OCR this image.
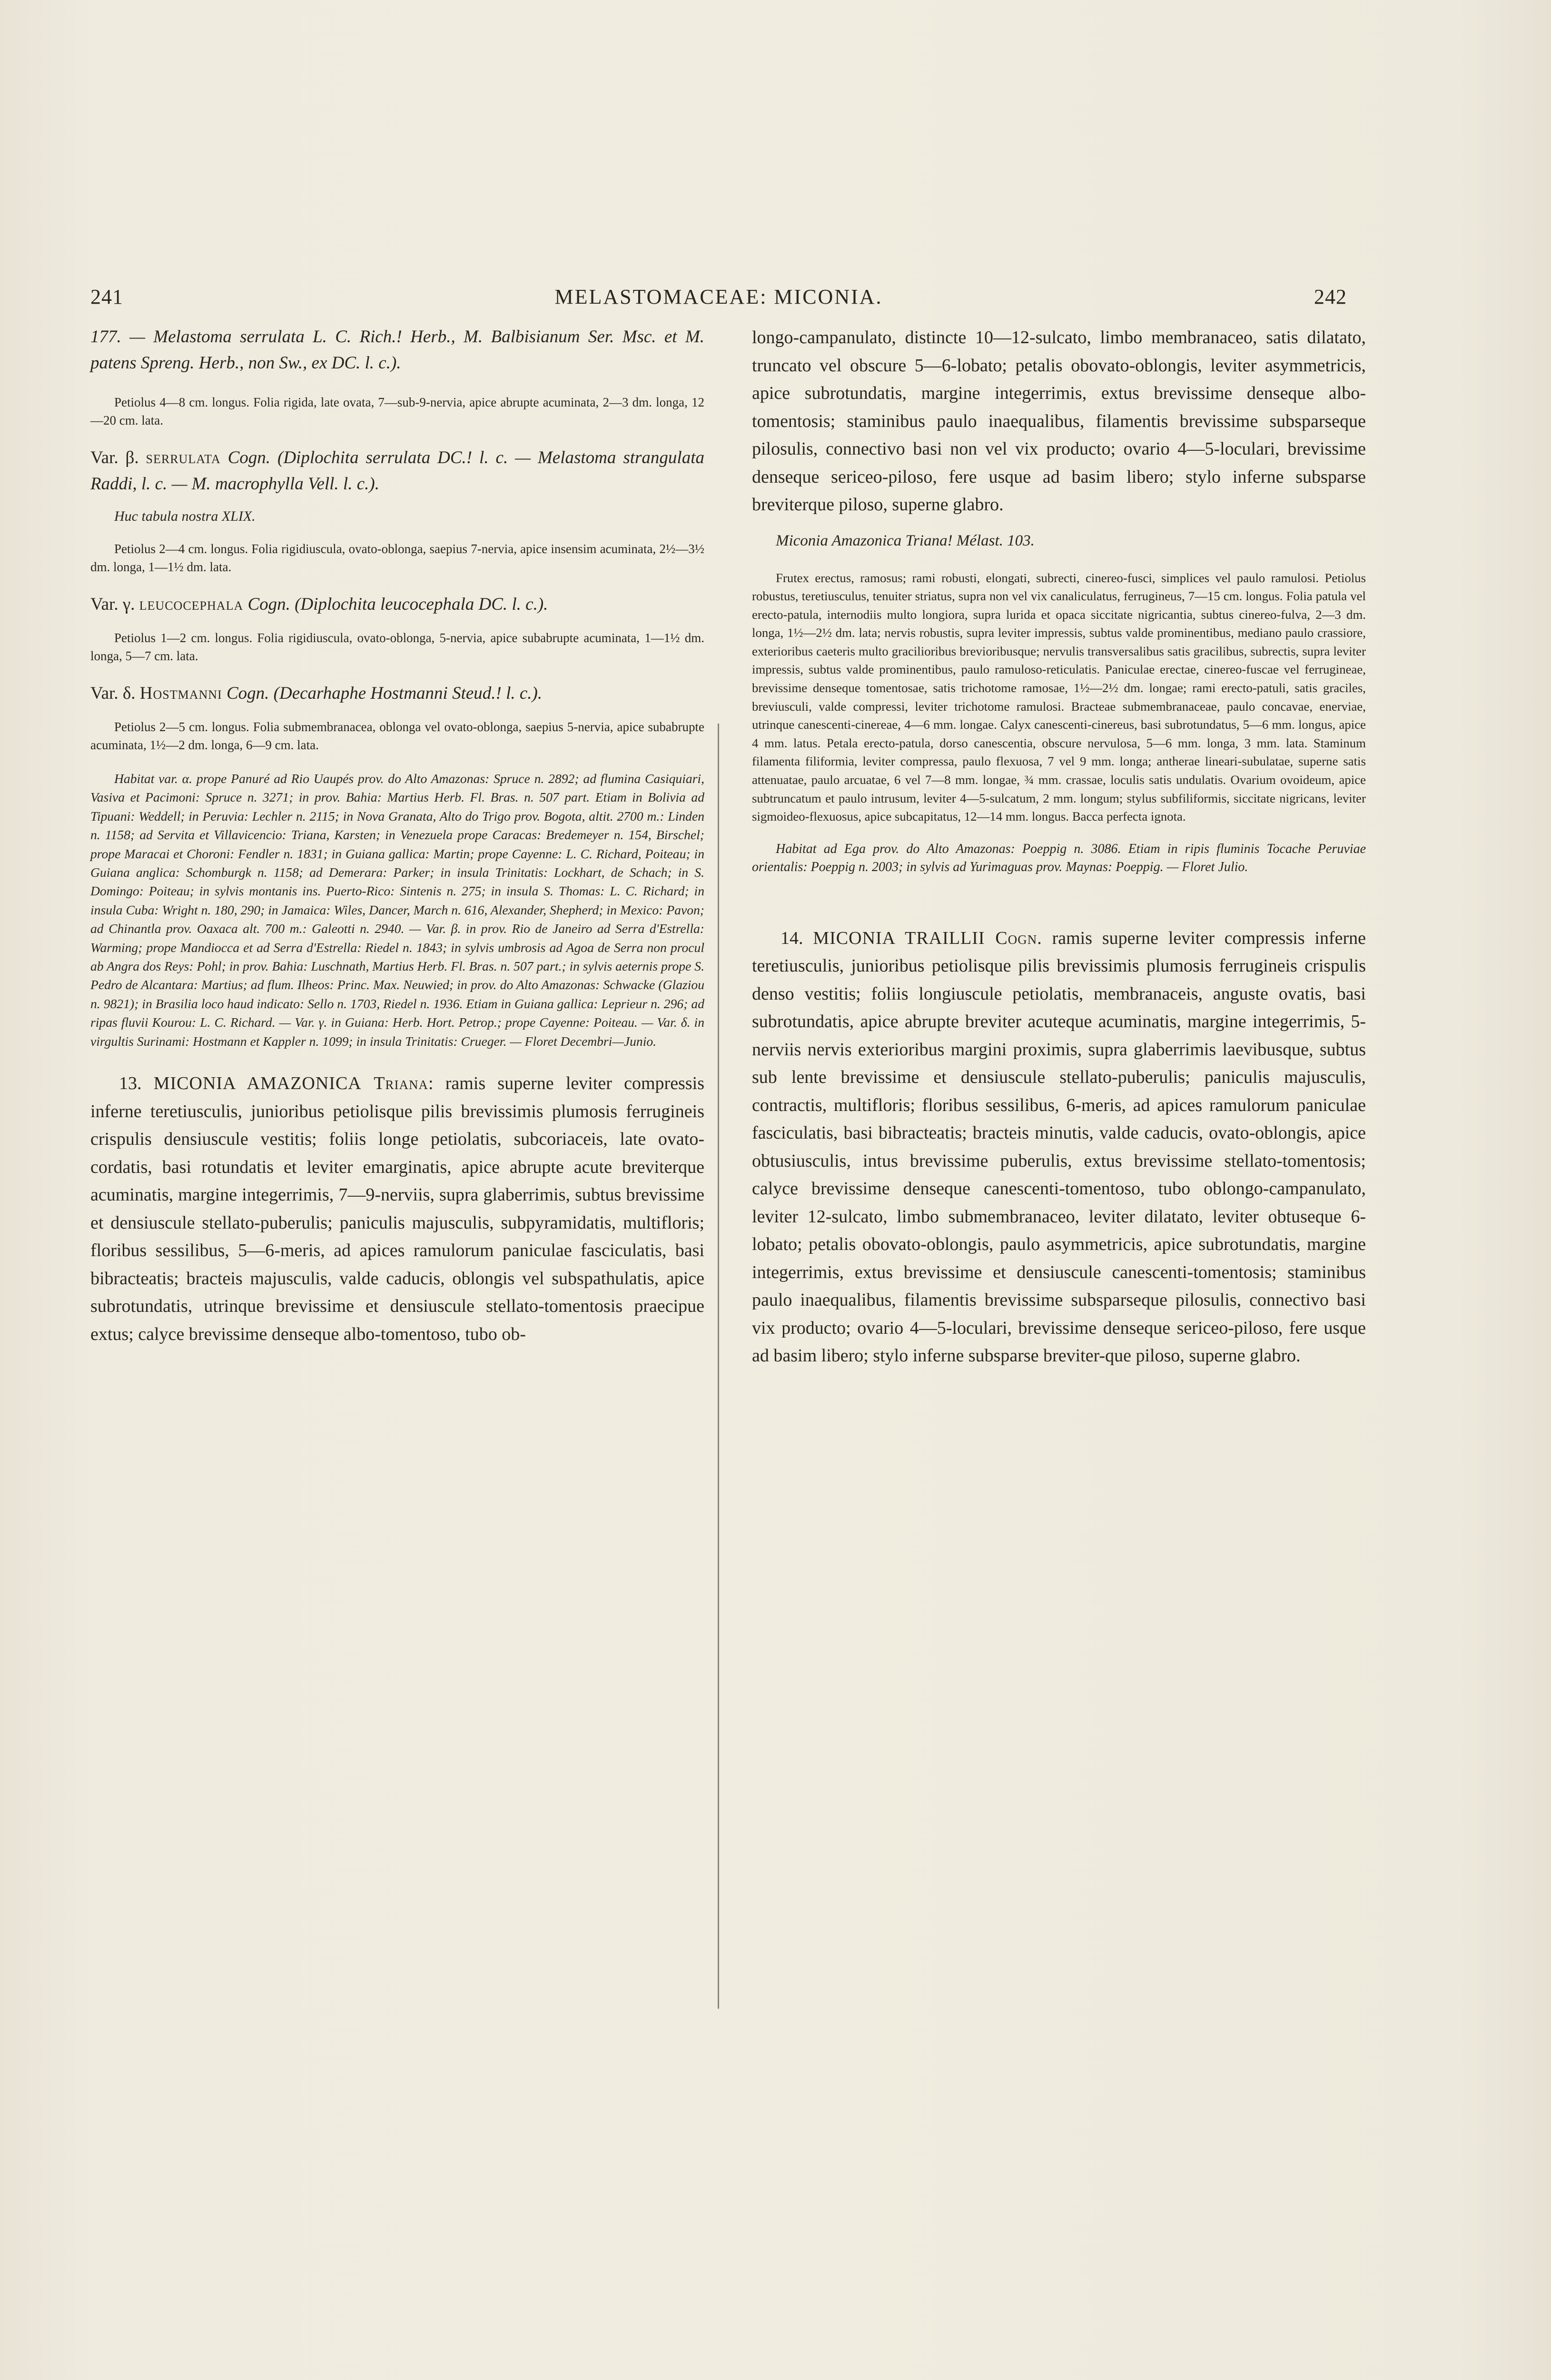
241	MELASTOMACEAE: MICONIA.	242

177. — Melastoma serrulata L. C. Rich.! Herb., M. Balbisianum Ser. Msc. et M. patens Spreng. Herb., non Sw., ex DC. l. c.).

Petiolus 4—8 cm. longus. Folia rigida, late ovata, 7—sub-9-nervia, apice abrupte acuminata, 2—3 dm. longa, 12—20 cm. lata.

Var. β. serrulata Cogn. (Diplochita serrulata DC.! l. c. — Melastoma strangulata Raddi, l. c. — M. macrophylla Vell. l. c.).

Huc tabula nostra XLIX.

Petiolus 2—4 cm. longus. Folia rigidiuscula, ovato-oblonga, saepius 7-nervia, apice insensim acuminata, 2½—3½ dm. longa, 1—1½ dm. lata.

Var. γ. leucocephala Cogn. (Diplochita leucocephala DC. l. c.).

Petiolus 1—2 cm. longus. Folia rigidiuscula, ovato-oblonga, 5-nervia, apice subabrupte acuminata, 1—1½ dm. longa, 5—7 cm. lata.

Var. δ. Hostmanni Cogn. (Decarhaphe Hostmanni Steud.! l. c.).

Petiolus 2—5 cm. longus. Folia submembranacea, oblonga vel ovato-oblonga, saepius 5-nervia, apice subabrupte acuminata, 1½—2 dm. longa, 6—9 cm. lata.

Habitat var. α. prope Panuré ad Rio Uaupés prov. do Alto Amazonas: Spruce n. 2892; ad flumina Casiquiari, Vasiva et Pacimoni: Spruce n. 3271; in prov. Bahia: Martius Herb. Fl. Bras. n. 507 part. Etiam in Bolivia ad Tipuani: Weddell; in Peruvia: Lechler n. 2115; in Nova Granata, Alto do Trigo prov. Bogota, altit. 2700 m.: Linden n. 1158; ad Servita et Villavicencio: Triana, Karsten; in Venezuela prope Caracas: Bredemeyer n. 154, Birschel; prope Maracai et Choroni: Fendler n. 1831; in Guiana gallica: Martin; prope Cayenne: L. C. Richard, Poiteau; in Guiana anglica: Schomburgk n. 1158; ad Demerara: Parker; in insula Trinitatis: Lockhart, de Schach; in S. Domingo: Poiteau; in sylvis montanis ins. Puerto-Rico: Sintenis n. 275; in insula S. Thomas: L. C. Richard; in insula Cuba: Wright n. 180, 290; in Jamaica: Wiles, Dancer, March n. 616, Alexander, Shepherd; in Mexico: Pavon; ad Chinantla prov. Oaxaca alt. 700 m.: Galeotti n. 2940. — Var. β. in prov. Rio de Janeiro ad Serra d'Estrella: Warming; prope Mandiocca et ad Serra d'Estrella: Riedel n. 1843; in sylvis umbrosis ad Agoa de Serra non procul ab Angra dos Reys: Pohl; in prov. Bahia: Luschnath, Martius Herb. Fl. Bras. n. 507 part.; in sylvis aeternis prope S. Pedro de Alcantara: Martius; ad flum. Ilheos: Princ. Max. Neuwied; in prov. do Alto Amazonas: Schwacke (Glaziou n. 9821); in Brasilia loco haud indicato: Sello n. 1703, Riedel n. 1936. Etiam in Guiana gallica: Leprieur n. 296; ad ripas fluvii Kourou: L. C. Richard. — Var. γ. in Guiana: Herb. Hort. Petrop.; prope Cayenne: Poiteau. — Var. δ. in virgultis Surinami: Hostmann et Kappler n. 1099; in insula Trinitatis: Crueger. — Floret Decembri—Junio.

13. MICONIA AMAZONICA Triana: ramis superne leviter compressis inferne teretiusculis, junioribus petiolisque pilis brevissimis plumosis ferrugineis crispulis densiuscule vestitis; foliis longe petiolatis, subcoriaceis, late ovato-cordatis, basi rotundatis et leviter emarginatis, apice abrupte acute breviterque acuminatis, margine integerrimis, 7—9-nerviis, supra glaberrimis, subtus brevissime et densiuscule stellato-puberulis; paniculis majusculis, subpyramidatis, multifloris; floribus sessilibus, 5—6-meris, ad apices ramulorum paniculae fasciculatis, basi bibracteatis; bracteis majusculis, valde caducis, oblongis vel subspathulatis, apice subrotundatis, utrinque brevissime et densiuscule stellato-tomentosis praecipue extus; calyce brevissime denseque albo-tomentoso, tubo ob-

longo-campanulato, distincte 10—12-sulcato, limbo membranaceo, satis dilatato, truncato vel obscure 5—6-lobato; petalis obovato-oblongis, leviter asymmetricis, apice subrotundatis, margine integerrimis, extus brevissime denseque albo-tomentosis; staminibus paulo inaequalibus, filamentis brevissime subsparseque pilosulis, connectivo basi non vel vix producto; ovario 4—5-loculari, brevissime denseque sericeo-piloso, fere usque ad basim libero; stylo inferne subsparse breviterque piloso, superne glabro.

Miconia Amazonica Triana! Mélast. 103.

Frutex erectus, ramosus; rami robusti, elongati, subrecti, cinereo-fusci, simplices vel paulo ramulosi. Petiolus robustus, teretiusculus, tenuiter striatus, supra non vel vix canaliculatus, ferrugineus, 7—15 cm. longus. Folia patula vel erecto-patula, internodiis multo longiora, supra lurida et opaca siccitate nigricantia, subtus cinereo-fulva, 2—3 dm. longa, 1½—2½ dm. lata; nervis robustis, supra leviter impressis, subtus valde prominentibus, mediano paulo crassiore, exterioribus caeteris multo gracilioribus brevioribusque; nervulis transversalibus satis gracilibus, subrectis, supra leviter impressis, subtus valde prominentibus, paulo ramuloso-reticulatis. Paniculae erectae, cinereo-fuscae vel ferrugineae, brevissime denseque tomentosae, satis trichotome ramosae, 1½—2½ dm. longae; rami erecto-patuli, satis graciles, breviusculi, valde compressi, leviter trichotome ramulosi. Bracteae submembranaceae, paulo concavae, enerviae, utrinque canescenti-cinereae, 4—6 mm. longae. Calyx canescenti-cinereus, basi subrotundatus, 5—6 mm. longus, apice 4 mm. latus. Petala erecto-patula, dorso canescentia, obscure nervulosa, 5—6 mm. longa, 3 mm. lata. Staminum filamenta filiformia, leviter compressa, paulo flexuosa, 7 vel 9 mm. longa; antherae lineari-subulatae, superne satis attenuatae, paulo arcuatae, 6 vel 7—8 mm. longae, ¾ mm. crassae, loculis satis undulatis. Ovarium ovoideum, apice subtruncatum et paulo intrusum, leviter 4—5-sulcatum, 2 mm. longum; stylus subfiliformis, siccitate nigricans, leviter sigmoideo-flexuosus, apice subcapitatus, 12—14 mm. longus. Bacca perfecta ignota.

Habitat ad Ega prov. do Alto Amazonas: Poeppig n. 3086. Etiam in ripis fluminis Tocache Peruviae orientalis: Poeppig n. 2003; in sylvis ad Yurimaguas prov. Maynas: Poeppig. — Floret Julio.

14. MICONIA TRAILLII Cogn. ramis superne leviter compressis inferne teretiusculis, junioribus petiolisque pilis brevissimis plumosis ferrugineis crispulis denso vestitis; foliis longiuscule petiolatis, membranaceis, anguste ovatis, basi subrotundatis, apice abrupte breviter acuteque acuminatis, margine integerrimis, 5-nerviis nervis exterioribus margini proximis, supra glaberrimis laevibusque, subtus sub lente brevissime et densiuscule stellato-puberulis; paniculis majusculis, contractis, multifloris; floribus sessilibus, 6-meris, ad apices ramulorum paniculae fasciculatis, basi bibracteatis; bracteis minutis, valde caducis, ovato-oblongis, apice obtusiusculis, intus brevissime puberulis, extus brevissime stellato-tomentosis; calyce brevissime denseque canescenti-tomentoso, tubo oblongo-campanulato, leviter 12-sulcato, limbo submembranaceo, leviter dilatato, leviter obtuseque 6-lobato; petalis obovato-oblongis, paulo asymmetricis, apice subrotundatis, margine integerrimis, extus brevissime et densiuscule canescenti-tomentosis; staminibus paulo inaequalibus, filamentis brevissime subsparseque pilosulis, connectivo basi vix producto; ovario 4—5-loculari, brevissime denseque sericeo-piloso, fere usque ad basim libero; stylo inferne subsparse breviter-que piloso, superne glabro.
